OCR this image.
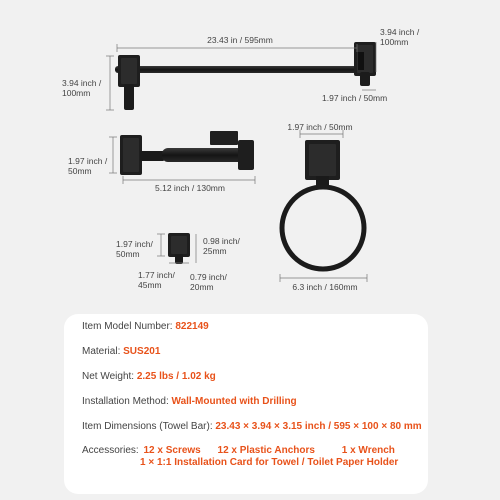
23.43 in / 595mm
3.94 inch /
100mm
3.94 inch /
100mm	1.97 inch / 50mm
1.97 inch /
50mm
5.12 inch / 130mm
1.97 inch / 50mm
6.3 inch / 160mm
1.97 inch/
50mm
0.98 inch/
25mm
1.77 inch/
45mm
0.79 inch/
20mm
Item Model Number: 822149
Material: SUS201
Net Weight: 2.25 lbs / 1.02 kg
Installation Method: Wall-Mounted with Drilling
Item Dimensions (Towel Bar): 23.43 × 3.94 × 3.15 inch / 595 × 100 × 80 mm
Accessories: 12 x Screws 12 x Plastic Anchors	1 x Wrench
1 × 1:1 Installation Card for Towel / Toilet Paper Holder
